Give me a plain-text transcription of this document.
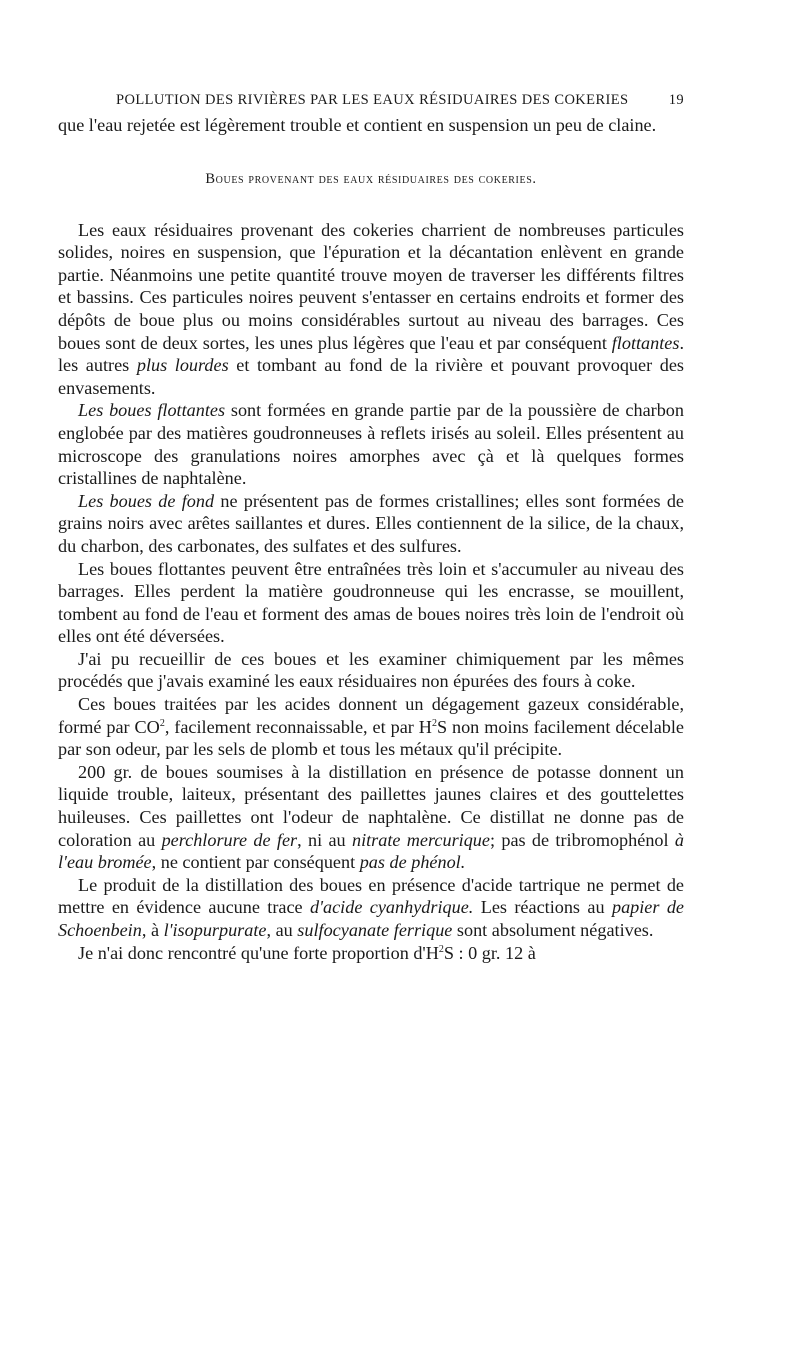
POLLUTION DES RIVIÈRES PAR LES EAUX RÉSIDUAIRES DES COKERIES	19

que l'eau rejetée est légèrement trouble et contient en suspension un peu de claine.

Boues provenant des eaux résiduaires des cokeries.

Les eaux résiduaires provenant des cokeries charrient de nombreuses particules solides, noires en suspension, que l'épuration et la décantation enlèvent en grande partie. Néanmoins une petite quantité trouve moyen de traverser les différents filtres et bassins. Ces particules noires peuvent s'entasser en certains endroits et former des dépôts de boue plus ou moins considérables surtout au niveau des barrages. Ces boues sont de deux sortes, les unes plus légères que l'eau et par conséquent flottantes. les autres plus lourdes et tombant au fond de la rivière et pouvant provoquer des envasements.

Les boues flottantes sont formées en grande partie par de la poussière de charbon englobée par des matières goudronneuses à reflets irisés au soleil. Elles présentent au microscope des granulations noires amorphes avec çà et là quelques formes cristallines de naphtalène.

Les boues de fond ne présentent pas de formes cristallines; elles sont formées de grains noirs avec arêtes saillantes et dures. Elles contiennent de la silice, de la chaux, du charbon, des carbonates, des sulfates et des sulfures.

Les boues flottantes peuvent être entraînées très loin et s'accumuler au niveau des barrages. Elles perdent la matière goudronneuse qui les encrasse, se mouillent, tombent au fond de l'eau et forment des amas de boues noires très loin de l'endroit où elles ont été déversées.

J'ai pu recueillir de ces boues et les examiner chimiquement par les mêmes procédés que j'avais examiné les eaux résiduaires non épurées des fours à coke.

Ces boues traitées par les acides donnent un dégagement gazeux considérable, formé par $CO^2$, facilement reconnaissable, et par $H^2S$ non moins facilement décelable par son odeur, par les sels de plomb et tous les métaux qu'il précipite.

200 gr. de boues soumises à la distillation en présence de potasse donnent un liquide trouble, laiteux, présentant des paillettes jaunes claires et des gouttelettes huileuses. Ces paillettes ont l'odeur de naphtalène. Ce distillat ne donne pas de coloration au perchlorure de fer, ni au nitrate mercurique; pas de tribromophénol à l'eau bromée, ne contient par conséquent pas de phénol.

Le produit de la distillation des boues en présence d'acide tartrique ne permet de mettre en évidence aucune trace d'acide cyanhydrique. Les réactions au papier de Schoenbein, à l'isopurpurate, au sulfocyanate ferrique sont absolument négatives.

Je n'ai donc rencontré qu'une forte proportion $d'H^2S$ : 0 gr. 12 à
